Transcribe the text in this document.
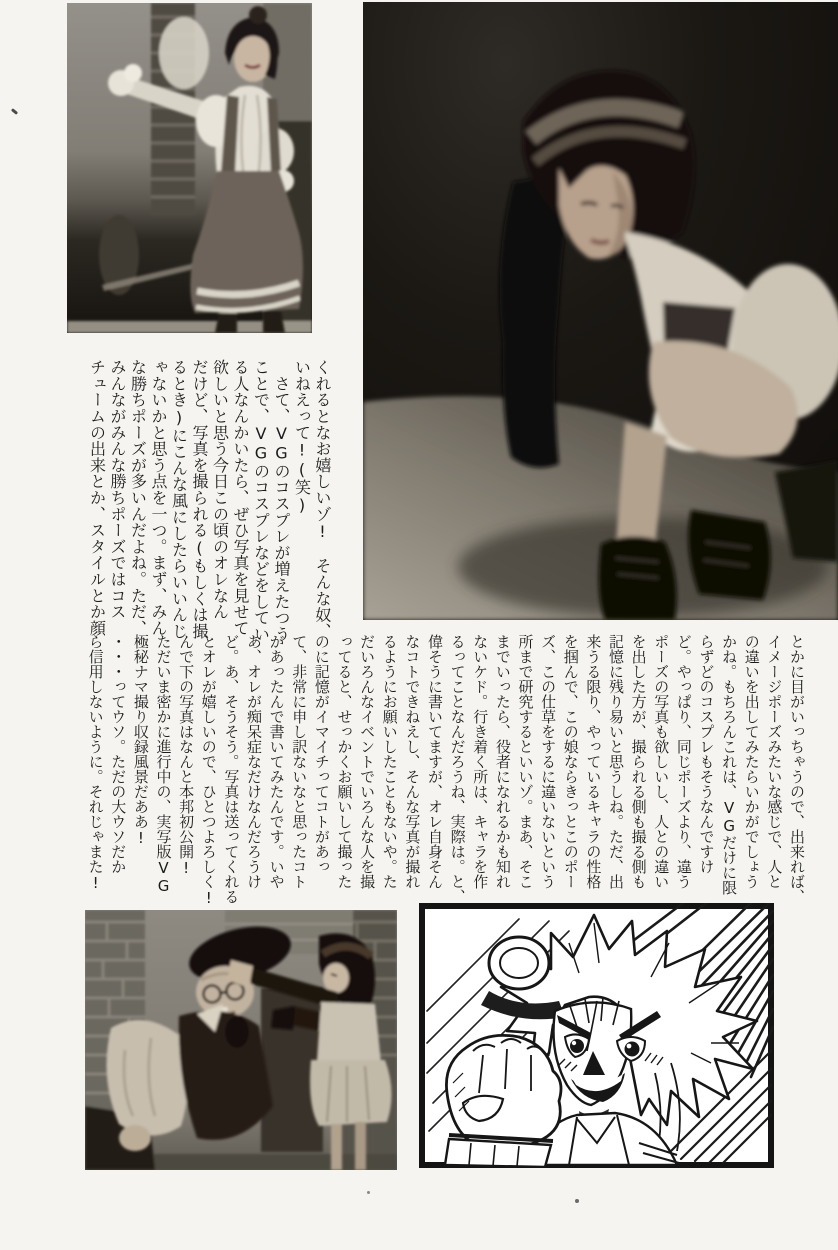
くれるとなお嬉しいゾ!　そんな奴、
いねえって!(笑)
　さて、VGのコスプレが増えたつう
ことで、VGのコスプレなどをしてい
る人なんかいたら、ぜひ写真を見せて
欲しいと思う今日この頃のオレなん
だけど、写真を撮られる(もしくは撮
るとき)にこんな風にしたらいいんじ
ゃないかと思う点を一つ。まず、みん
な勝ちポーズが多いんだよね。ただ、
みんながみんな勝ちポーズではコス
チュームの出来とか、スタイルとか顔
とかに目がいっちゃうので、出来れば、
イメージポーズみたいな感じで、人と
の違いを出してみたらいかがでしょう
かね。もちろんこれは、VGだけに限
らずどのコスプレもそうなんですけ
ど。やっぱり、同じポーズより、違う
ポーズの写真も欲しいし、人との違い
を出した方が、撮られる側も撮る側も
記憶に残り易いと思うしね。ただ、出
来うる限り、やっているキャラの性格
を掴んで、この娘ならきっとこのポー
ズ、この仕草をするに違いないという
所まで研究するといいゾ。まあ、そこ
までいったら、役者になれるかも知れ
ないケド。行き着く所は、キャラを作
るってことなんだろうね、実際は。と、
偉そうに書いてますが、オレ自身そん
なコトできねえし、そんな写真が撮れ
るようにお願いしたこともないや。た
だいろんなイベントでいろんな人を撮
ってると、せっかくお願いして撮った
のに記憶がイマイチってコトがあっ
て、非常に申し訳ないなと思ったコト
があったんで書いてみたんです。いや
あ、オレが痴呆症なだけなんだろうけ
ど。あ、そうそう。写真は送ってくれる
とオレが嬉しいので、ひとつよろしく!
んで下の写真はなんと本邦初公開!
ただいま密かに進行中の、実写版VG
極秘ナマ撮り収録風景だああ!
・・・ってウソ。ただの大ウソだか
ら信用しないように。それじゃまた!
